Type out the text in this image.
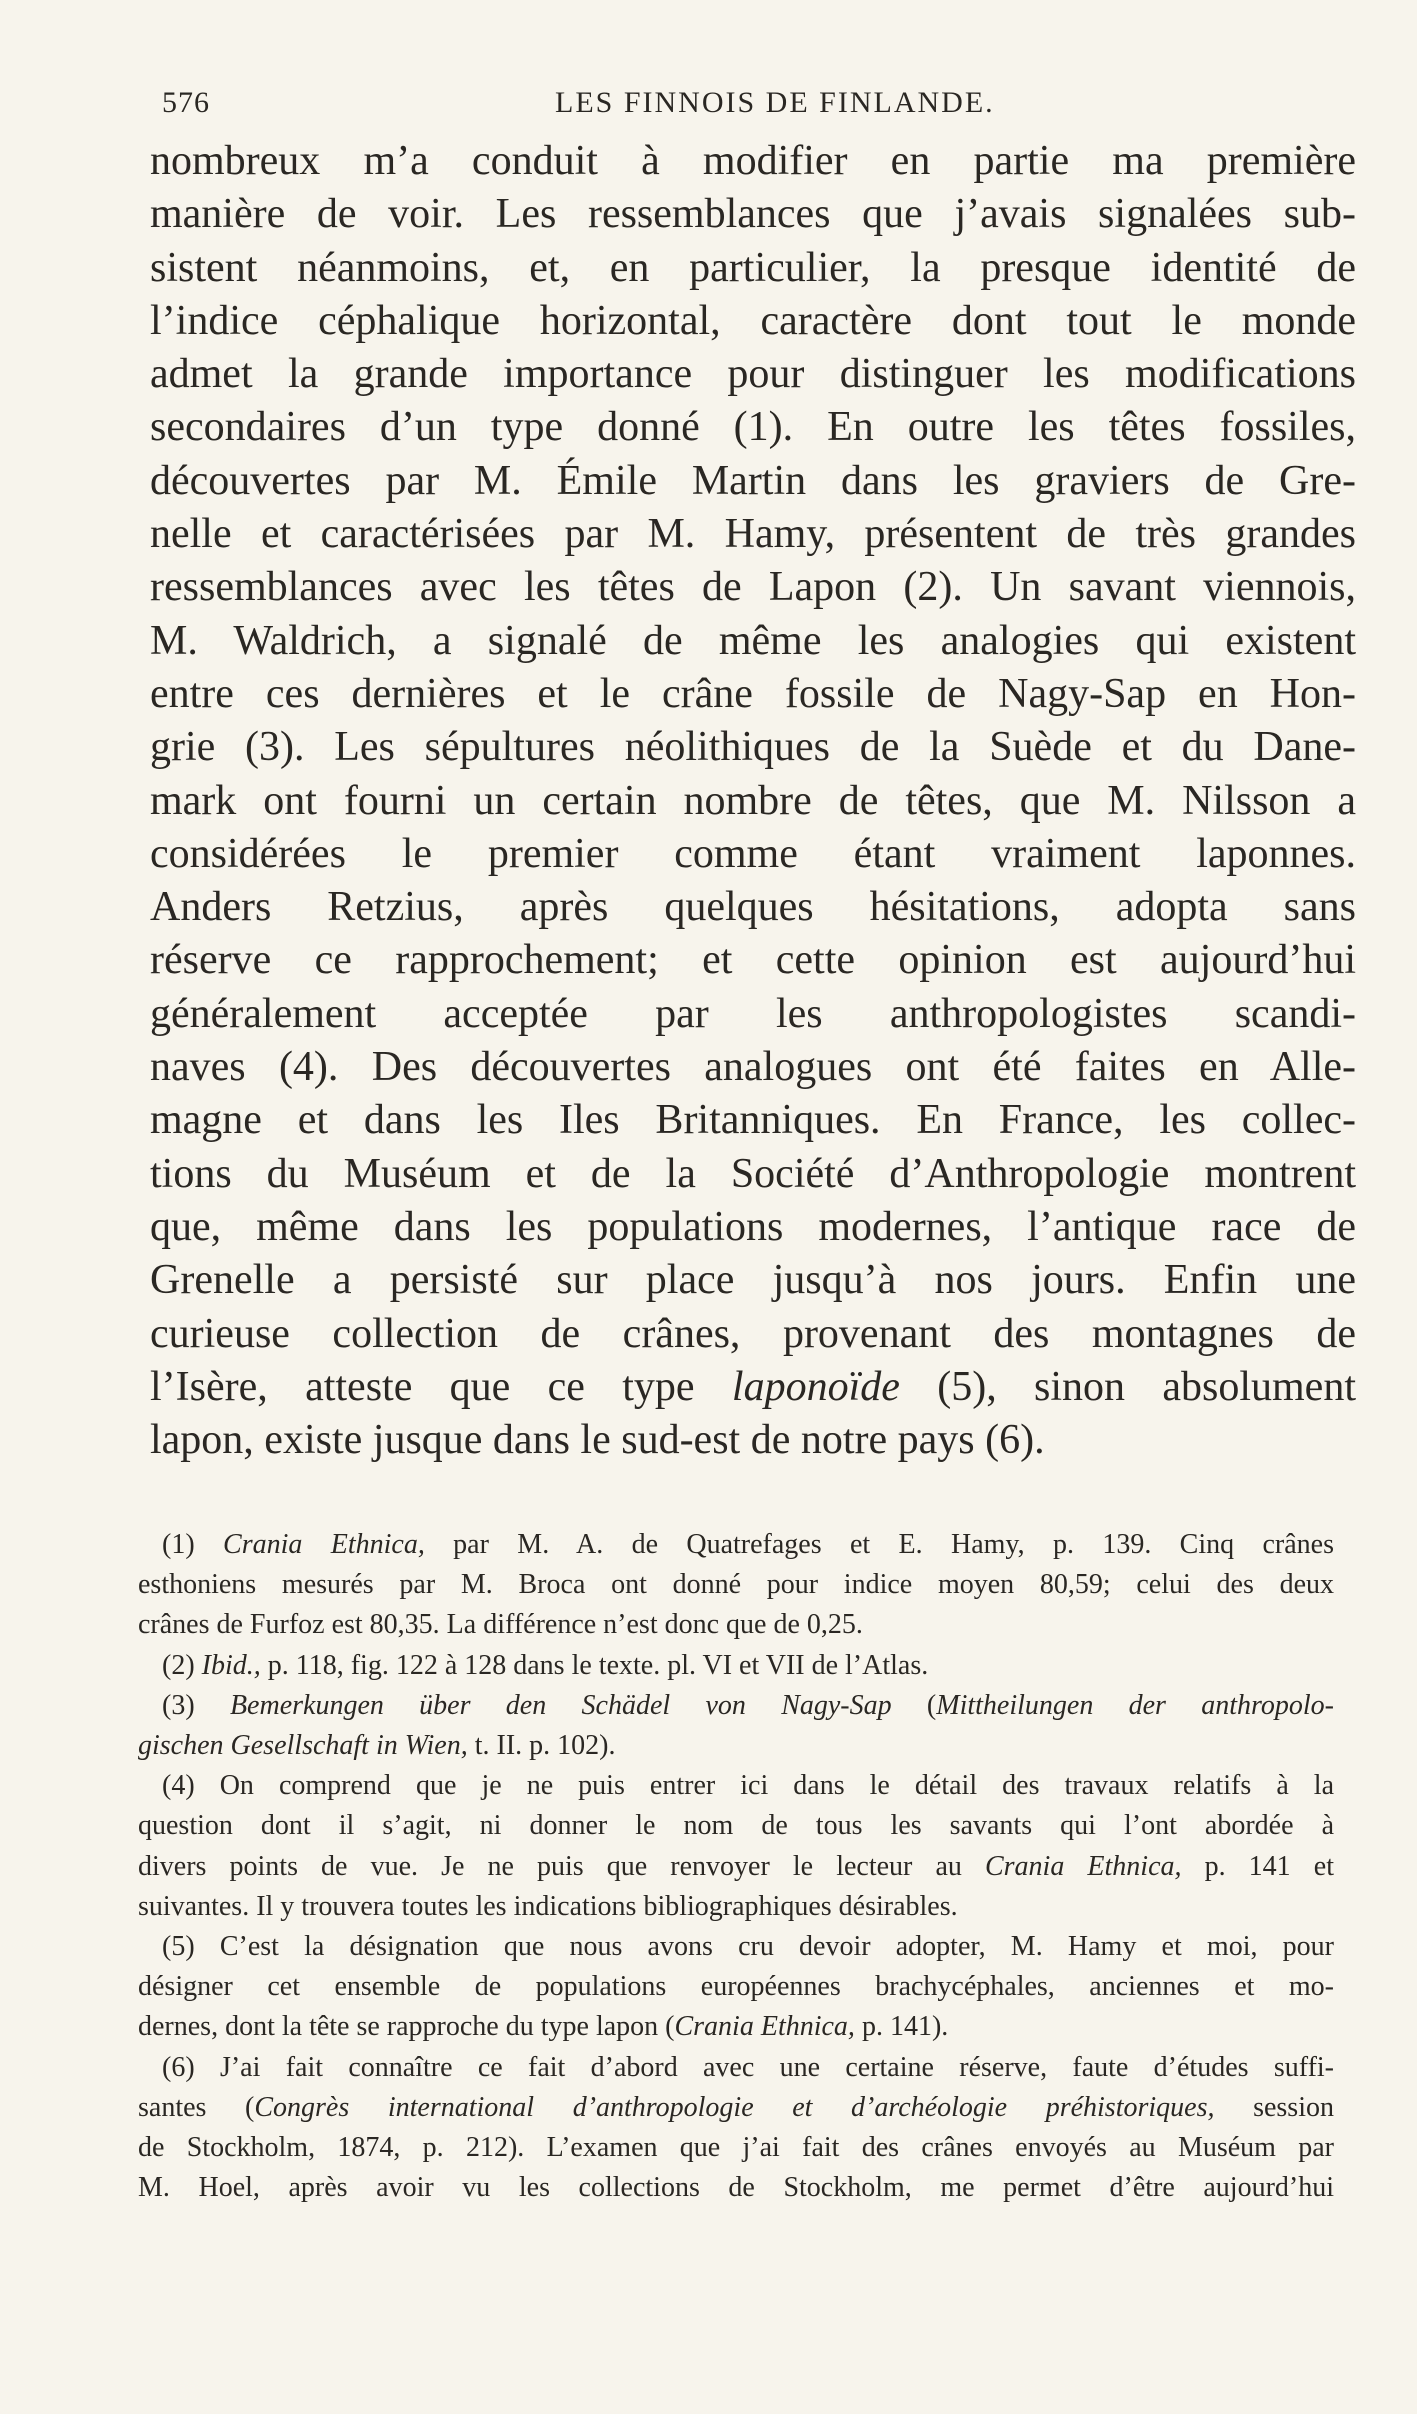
576	LES FINNOIS DE FINLANDE.
nombreux m’a conduit à modifier en partie ma première
manière de voir. Les ressemblances que j’avais signalées sub-
sistent néanmoins, et, en particulier, la presque identité de
l’indice céphalique horizontal, caractère dont tout le monde
admet la grande importance pour distinguer les modifications
secondaires d’un type donné (1). En outre les têtes fossiles,
découvertes par M. Émile Martin dans les graviers de Gre-
nelle et caractérisées par M. Hamy, présentent de très grandes
ressemblances avec les têtes de Lapon (2). Un savant viennois,
M. Waldrich, a signalé de même les analogies qui existent
entre ces dernières et le crâne fossile de Nagy-Sap en Hon-
grie (3). Les sépultures néolithiques de la Suède et du Dane-
mark ont fourni un certain nombre de têtes, que M. Nilsson a
considérées le premier comme étant vraiment laponnes.
Anders Retzius, après quelques hésitations, adopta sans
réserve ce rapprochement; et cette opinion est aujourd’hui
généralement acceptée par les anthropologistes scandi-
naves (4). Des découvertes analogues ont été faites en Alle-
magne et dans les Iles Britanniques. En France, les collec-
tions du Muséum et de la Société d’Anthropologie montrent
que, même dans les populations modernes, l’antique race de
Grenelle a persisté sur place jusqu’à nos jours. Enfin une
curieuse collection de crânes, provenant des montagnes de
l’Isère, atteste que ce type laponoïde (5), sinon absolument
lapon, existe jusque dans le sud-est de notre pays (6).
(1) Crania Ethnica, par M. A. de Quatrefages et E. Hamy, p. 139. Cinq crânes
esthoniens mesurés par M. Broca ont donné pour indice moyen 80,59; celui des deux
crânes de Furfoz est 80,35. La différence n’est donc que de 0,25.
(2) Ibid., p. 118, fig. 122 à 128 dans le texte. pl. VI et VII de l’Atlas.
(3) Bemerkungen über den Schädel von Nagy-Sap (Mittheilungen der anthropolo-
gischen Gesellschaft in Wien, t. II. p. 102).
(4) On comprend que je ne puis entrer ici dans le détail des travaux relatifs à la
question dont il s’agit, ni donner le nom de tous les savants qui l’ont abordée à
divers points de vue. Je ne puis que renvoyer le lecteur au Crania Ethnica, p. 141 et
suivantes. Il y trouvera toutes les indications bibliographiques désirables.
(5) C’est la désignation que nous avons cru devoir adopter, M. Hamy et moi, pour
désigner cet ensemble de populations européennes brachycéphales, anciennes et mo-
dernes, dont la tête se rapproche du type lapon (Crania Ethnica, p. 141).
(6) J’ai fait connaître ce fait d’abord avec une certaine réserve, faute d’études suffi-
santes (Congrès international d’anthropologie et d’archéologie préhistoriques, session
de Stockholm, 1874, p. 212). L’examen que j’ai fait des crânes envoyés au Muséum par
M. Hoel, après avoir vu les collections de Stockholm, me permet d’être aujourd’hui
